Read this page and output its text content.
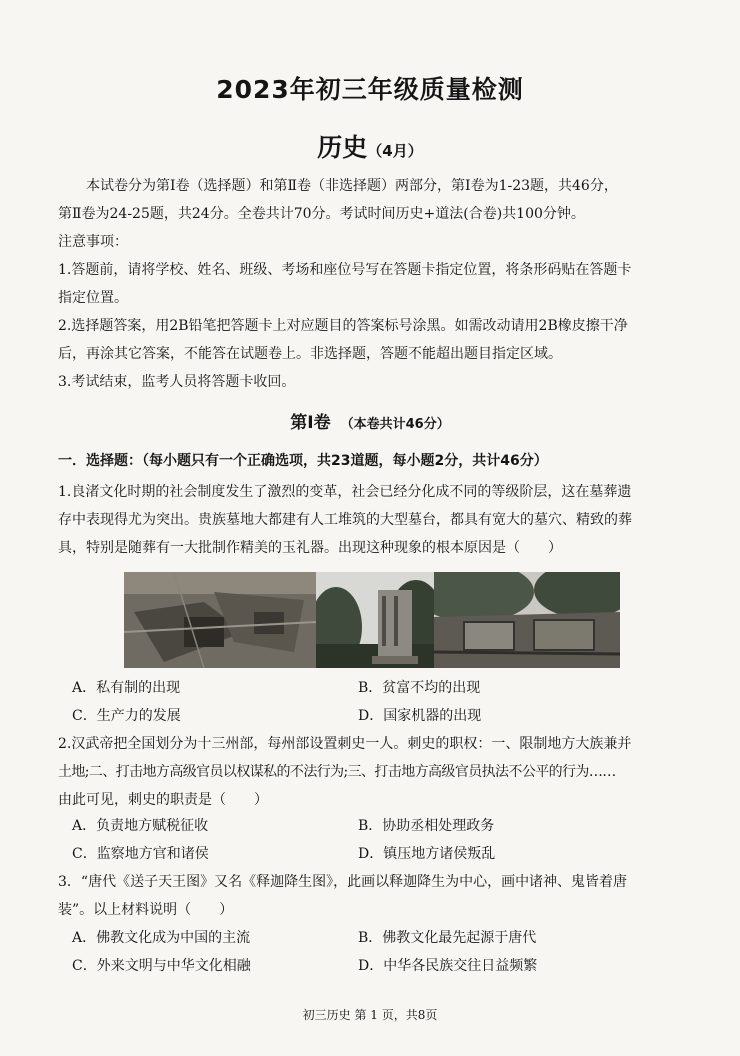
2023年初三年级质量检测
历史（4月）
本试卷分为第Ⅰ卷（选择题）和第Ⅱ卷（非选择题）两部分，第Ⅰ卷为1-23题，共46分，
第Ⅱ卷为24-25题，共24分。全卷共计70分。考试时间历史+道法(合卷)共100分钟。
注意事项：
1.答题前，请将学校、姓名、班级、考场和座位号写在答题卡指定位置，将条形码贴在答题卡
指定位置。
2.选择题答案，用2B铅笔把答题卡上对应题目的答案标号涂黑。如需改动请用2B橡皮擦干净
后，再涂其它答案，不能答在试题卷上。非选择题，答题不能超出题目指定区域。
3.考试结束，监考人员将答题卡收回。
第Ⅰ卷 （本卷共计46分）
一．选择题：（每小题只有一个正确选项，共23道题，每小题2分，共计46分）
1.良渚文化时期的社会制度发生了激烈的变革，社会已经分化成不同的等级阶层，这在墓葬遗
存中表现得尤为突出。贵族墓地大都建有人工堆筑的大型墓台，都具有宽大的墓穴、精致的葬
具，特别是随葬有一大批制作精美的玉礼器。出现这种现象的根本原因是（　　）
A．私有制的出现	B．贫富不均的出现
C．生产力的发展	D．国家机器的出现
2.汉武帝把全国划分为十三州部，每州部设置刺史一人。刺史的职权：一、限制地方大族兼并
土地;二、打击地方高级官员以权谋私的不法行为;三、打击地方高级官员执法不公平的行为……
由此可见，刺史的职责是（　　）
A．负责地方赋税征收	B．协助丞相处理政务
C．监察地方官和诸侯	D．镇压地方诸侯叛乱
3．“唐代《送子天王图》又名《释迦降生图》，此画以释迦降生为中心，画中诸神、鬼皆着唐
装”。以上材料说明（　　）
A．佛教文化成为中国的主流	B．佛教文化最先起源于唐代
C．外来文明与中华文化相融	D．中华各民族交往日益频繁
初三历史 第 1 页，共8页
